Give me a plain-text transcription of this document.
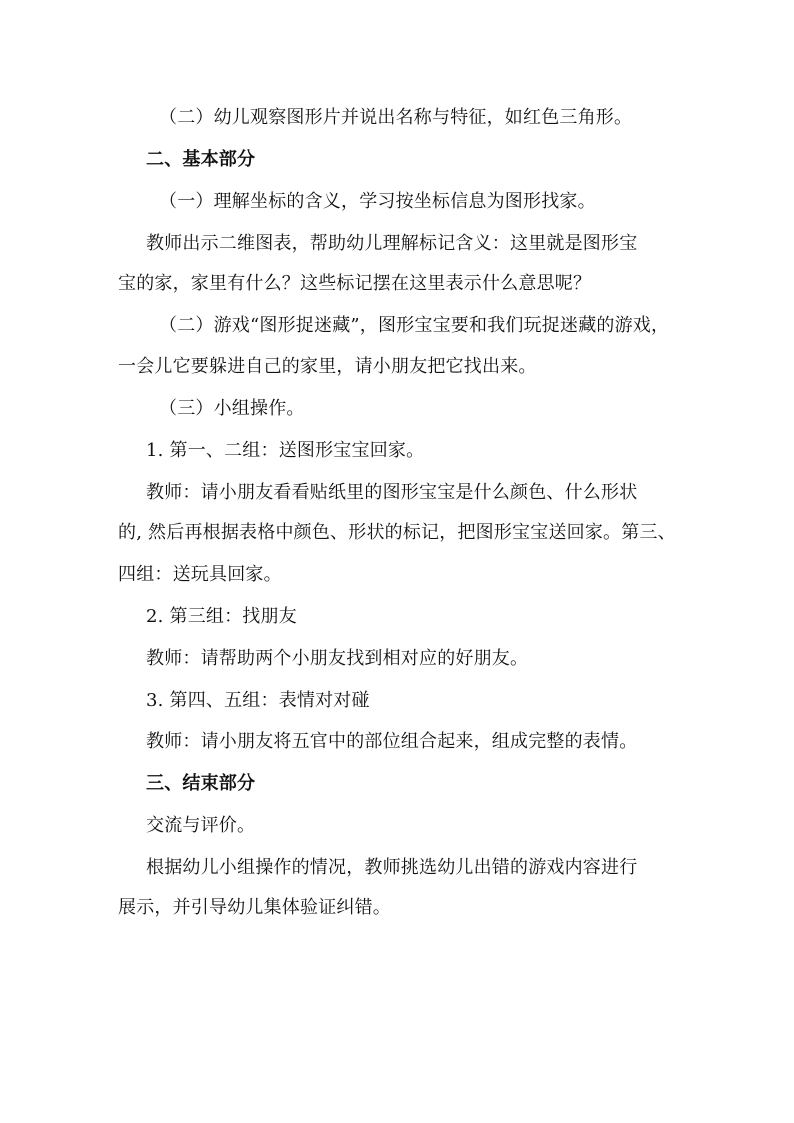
（二）幼儿观察图形片并说出名称与特征，如红色三角形。
二、基本部分
（一）理解坐标的含义，学习按坐标信息为图形找家。
教师出示二维图表，帮助幼儿理解标记含义：这里就是图形宝
宝的家，家里有什么？这些标记摆在这里表示什么意思呢？
（二）游戏“图形捉迷藏”，图形宝宝要和我们玩捉迷藏的游戏，
一会儿它要躲进自己的家里，请小朋友把它找出来。
（三）小组操作。
1. 第一、二组：送图形宝宝回家。
教师：请小朋友看看贴纸里的图形宝宝是什么颜色、什么形状
的, 然后再根据表格中颜色、形状的标记，把图形宝宝送回家。第三、
四组：送玩具回家。
2. 第三组：找朋友
教师：请帮助两个小朋友找到相对应的好朋友。
3. 第四、五组：表情对对碰
教师：请小朋友将五官中的部位组合起来，组成完整的表情。
三、结束部分
交流与评价。
根据幼儿小组操作的情况，教师挑选幼儿出错的游戏内容进行
展示，并引导幼儿集体验证纠错。
